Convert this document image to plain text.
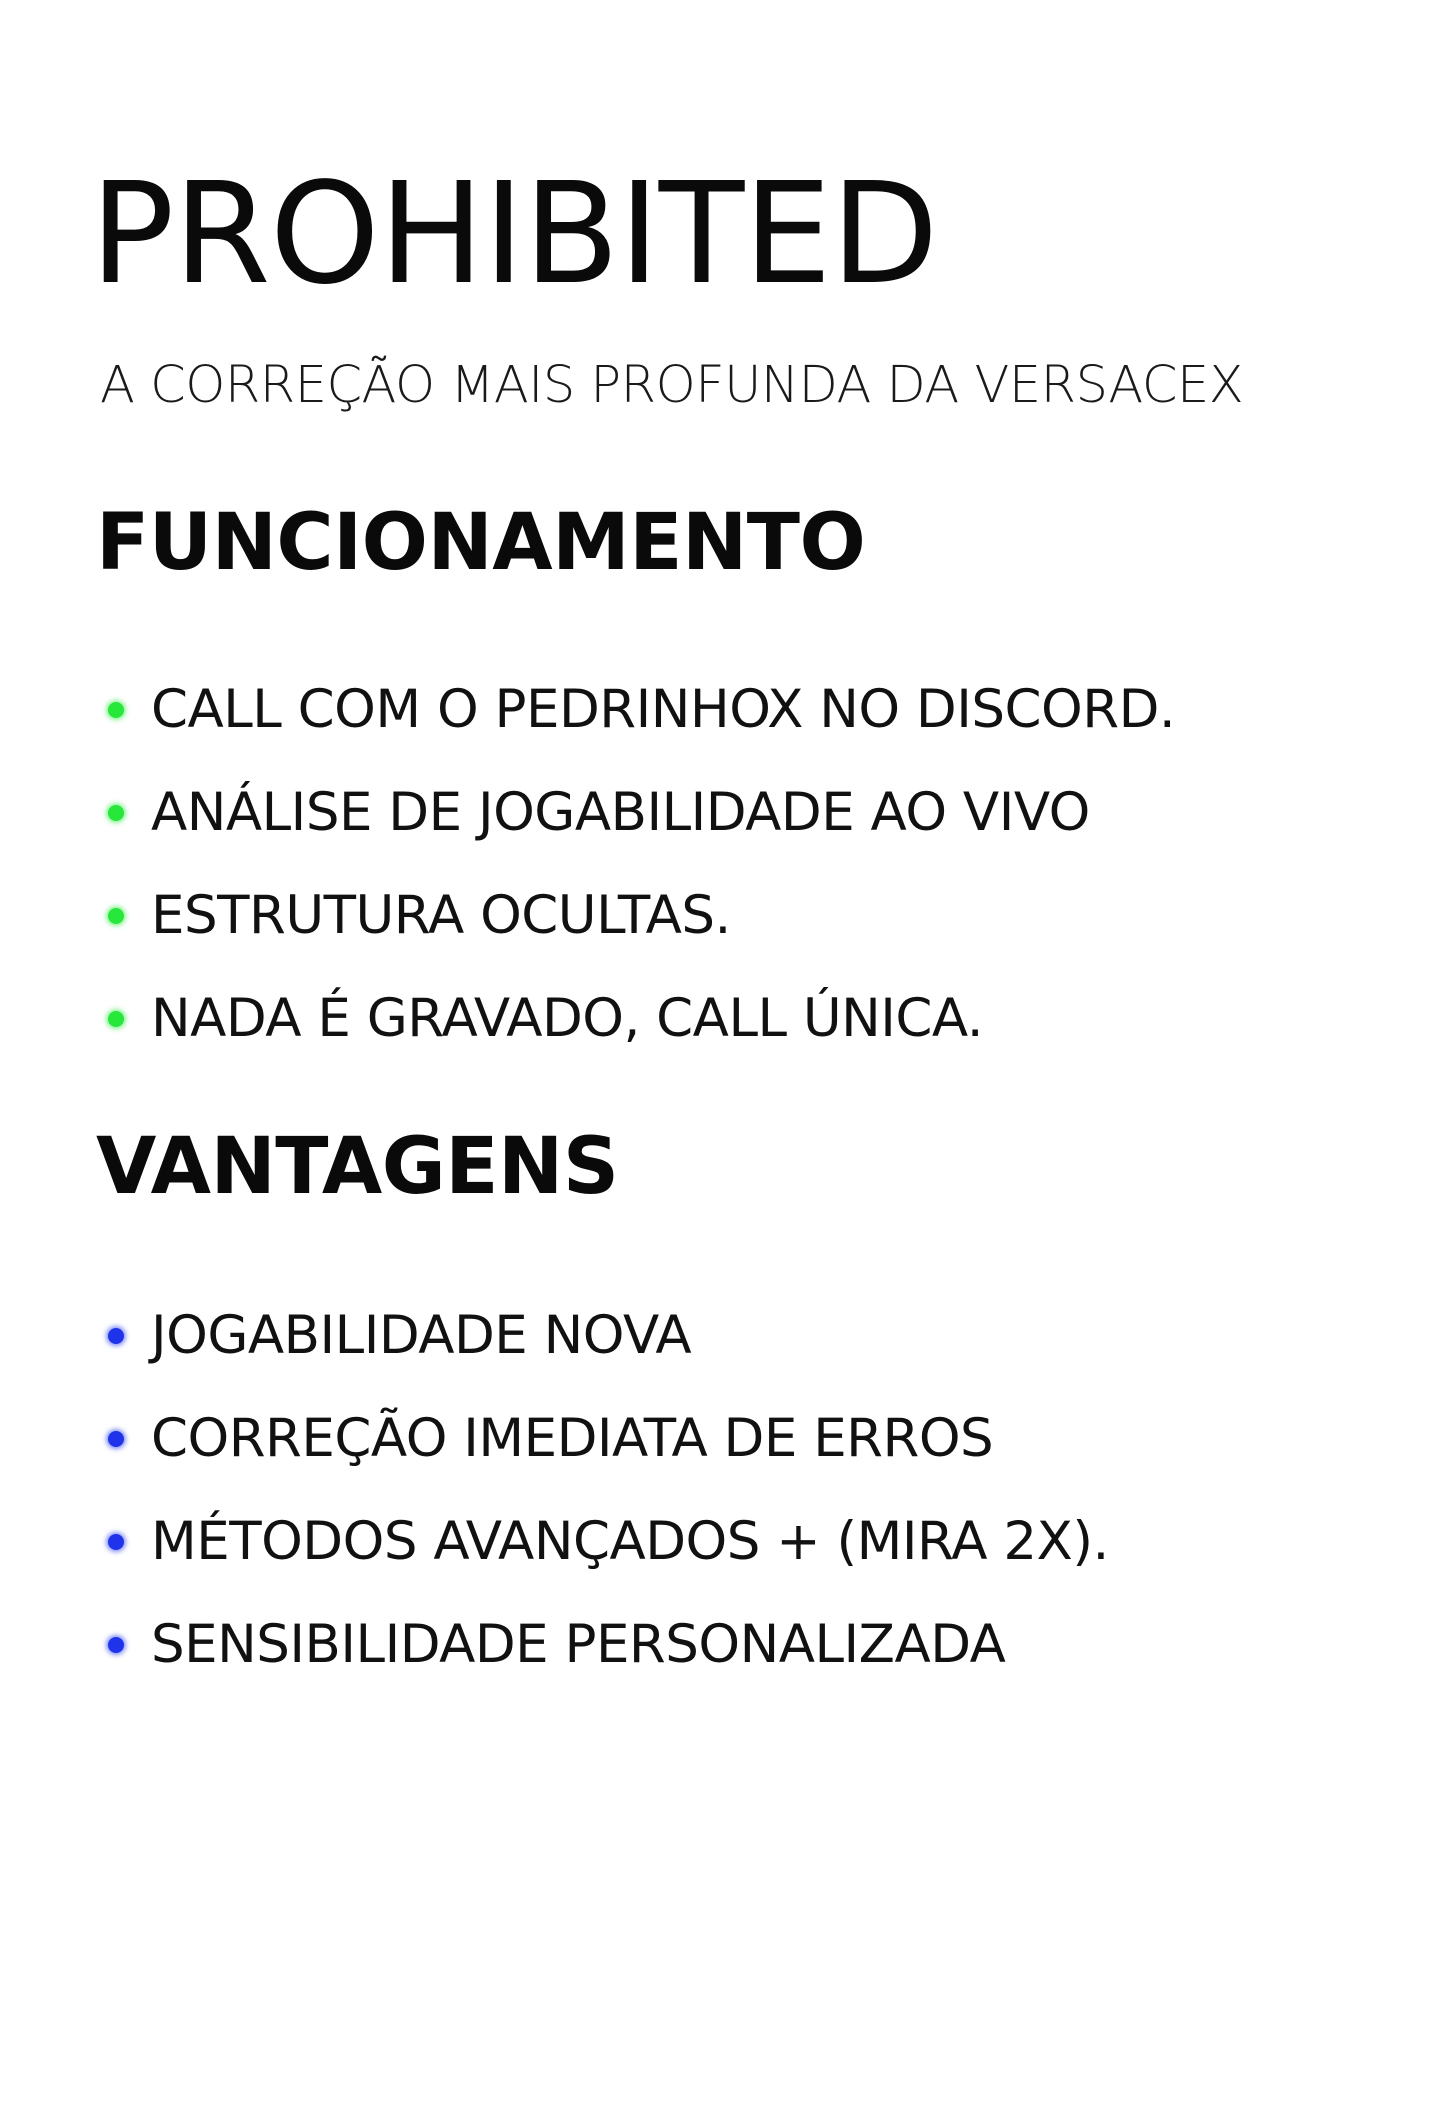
PROHIBITED

A CORREÇÃO MAIS PROFUNDA DA VERSACEX

FUNCIONAMENTO
CALL COM O PEDRINHOX NO DISCORD.
ANÁLISE DE JOGABILIDADE AO VIVO
ESTRUTURA OCULTAS.
NADA É GRAVADO, CALL ÚNICA.
VANTAGENS
JOGABILIDADE NOVA
CORREÇÃO IMEDIATA DE ERROS
MÉTODOS AVANÇADOS + (MIRA 2X).
SENSIBILIDADE PERSONALIZADA
